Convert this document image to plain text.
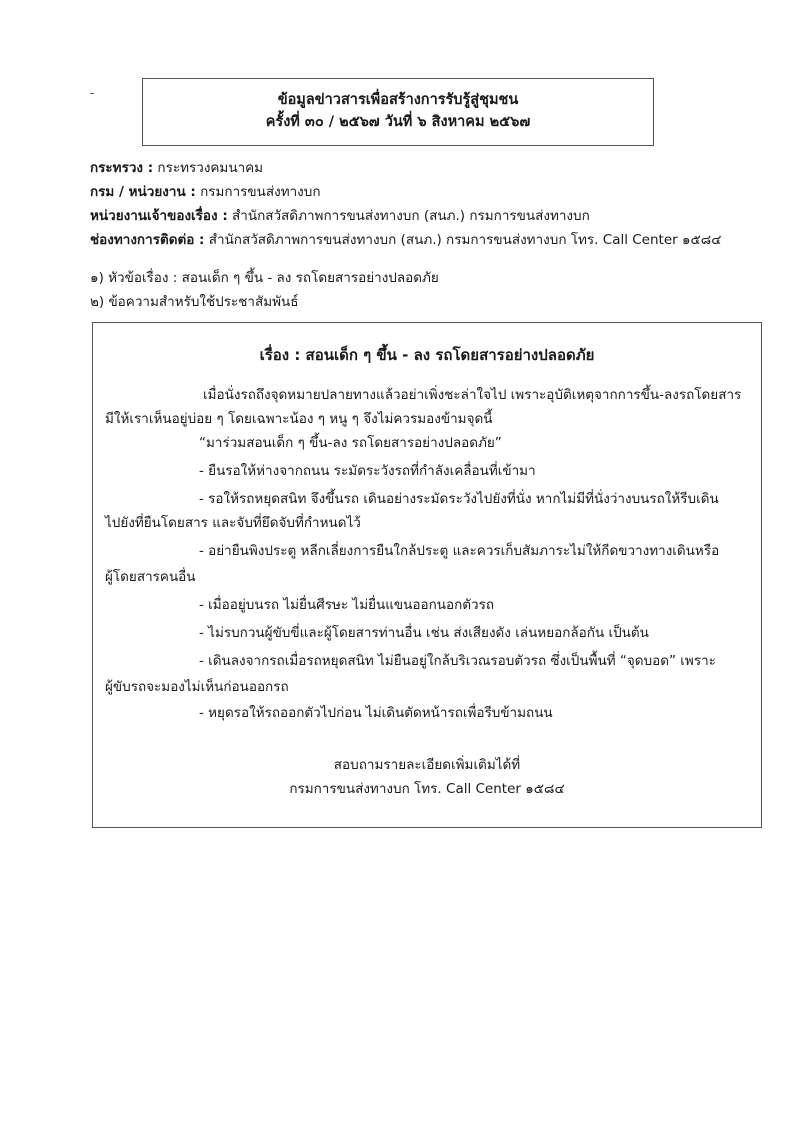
-	ข้อมูลข่าวสารเพื่อสร้างการรับรู้สู่ชุมชน
ครั้งที่ ๓๐ / ๒๕๖๗ วันที่ ๖ สิงหาคม ๒๕๖๗
กระทรวง : กระทรวงคมนาคม
กรม / หน่วยงาน : กรมการขนส่งทางบก
หน่วยงานเจ้าของเรื่อง : สำนักสวัสดิภาพการขนส่งทางบก (สนภ.) กรมการขนส่งทางบก
ช่องทางการติดต่อ : สำนักสวัสดิภาพการขนส่งทางบก (สนภ.) กรมการขนส่งทางบก โทร. Call Center ๑๕๘๔
๑) หัวข้อเรื่อง : สอนเด็ก ๆ ขึ้น - ลง รถโดยสารอย่างปลอดภัย
๒) ข้อความสำหรับใช้ประชาสัมพันธ์
เรื่อง : สอนเด็ก ๆ ขึ้น - ลง รถโดยสารอย่างปลอดภัย
เมื่อนั่งรถถึงจุดหมายปลายทางแล้วอย่าเพิ่งชะล่าใจไป เพราะอุบัติเหตุจากการขึ้น-ลงรถโดยสาร
มีให้เราเห็นอยู่บ่อย ๆ โดยเฉพาะน้อง ๆ หนู ๆ จึงไม่ควรมองข้ามจุดนี้
“มาร่วมสอนเด็ก ๆ ขึ้น-ลง รถโดยสารอย่างปลอดภัย”
- ยืนรอให้ห่างจากถนน ระมัดระวังรถที่กำลังเคลื่อนที่เข้ามา
- รอให้รถหยุดสนิท จึงขึ้นรถ เดินอย่างระมัดระวังไปยังที่นั่ง หากไม่มีที่นั่งว่างบนรถให้รีบเดิน
ไปยังที่ยืนโดยสาร และจับที่ยึดจับที่กำหนดไว้
- อย่ายืนพิงประตู หลีกเลี่ยงการยืนใกล้ประตู และควรเก็บสัมภาระไม่ให้กีดขวางทางเดินหรือ
ผู้โดยสารคนอื่น
- เมื่ออยู่บนรถ ไม่ยื่นศีรษะ ไม่ยื่นแขนออกนอกตัวรถ
- ไม่รบกวนผู้ขับขี่และผู้โดยสารท่านอื่น เช่น ส่งเสียงดัง เล่นหยอกล้อกัน เป็นต้น
- เดินลงจากรถเมื่อรถหยุดสนิท ไม่ยืนอยู่ใกล้บริเวณรอบตัวรถ ซึ่งเป็นพื้นที่ “จุดบอด” เพราะ
ผู้ขับรถจะมองไม่เห็นก่อนออกรถ
- หยุดรอให้รถออกตัวไปก่อน ไม่เดินตัดหน้ารถเพื่อรีบข้ามถนน
สอบถามรายละเอียดเพิ่มเติมได้ที่
กรมการขนส่งทางบก โทร. Call Center ๑๕๘๔
